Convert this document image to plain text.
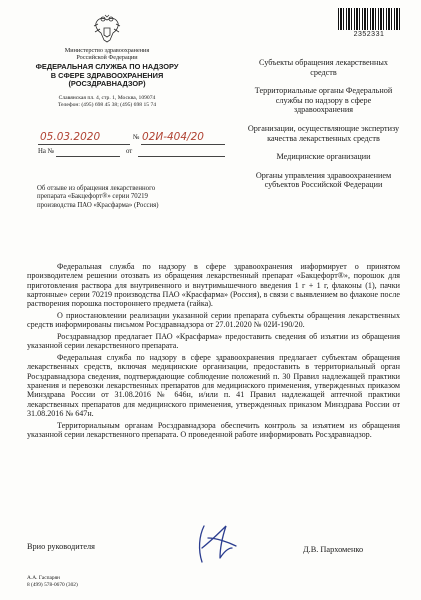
2352331
Министерство здравоохранения
Российской Федерации
ФЕДЕРАЛЬНАЯ СЛУЖБА ПО НАДЗОРУ
В СФЕРЕ ЗДРАВООХРАНЕНИЯ
(РОСЗДРАВНАДЗОР)
Славянская пл. 4, стр. 1, Москва, 109074
Телефон: (495) 698 45 38; (495) 698 15 74
05.03.2020	№ 02И-404/20
На №	от
Об отзыве из обращения лекарственного
препарата «Бакцефорт®» серии 70219
производства ПАО «Красфарма» (Россия)
Субъекты обращения лекарственных средств
Территориальные органы Федеральной службы по надзору в сфере здравоохранения
Организации, осуществляющие экспертизу качества лекарственных средств
Медицинские организации
Органы управления здравоохранением субъектов Российской Федерации

Федеральная служба по надзору в сфере здравоохранения информирует о принятом производителем решении отозвать из обращения лекарственный препарат «Бакцефорт®», порошок для приготовления раствора для внутривенного и внутримышечного введения 1 г + 1 г, флаконы (1), пачки картонные» серии 70219 производства ПАО «Красфарма» (Россия), в связи с выявлением во флаконе после растворения порошка постороннего предмета (гайка).

О приостановлении реализации указанной серии препарата субъекты обращения лекарственных средств информированы письмом Росздравнадзора от 27.01.2020 № 02И-190/20.

Росздравнадзор предлагает ПАО «Красфарма» предоставить сведения об изъятии из обращения указанной серии лекарственного препарата.

Федеральная служба по надзору в сфере здравоохранения предлагает субъектам обращения лекарственных средств, включая медицинские организации, предоставить в территориальный орган Росздравнадзора сведения, подтверждающие соблюдение положений п. 30 Правил надлежащей практики хранения и перевозки лекарственных препаратов для медицинского применения, утвержденных приказом Минздрава России от 31.08.2016 № 646н, и/или п. 41 Правил надлежащей аптечной практики лекарственных препаратов для медицинского применения, утвержденных приказом Минздрава России от 31.08.2016 № 647н.

Территориальным органам Росздравнадзора обеспечить контроль за изъятием из обращения указанной серии лекарственного препарата. О проведенной работе информировать Росздравнадзор.

Врио руководителя	Д.В. Пархоменко
А.А. Гаспарян
8 (499) 578-0670 (302)
